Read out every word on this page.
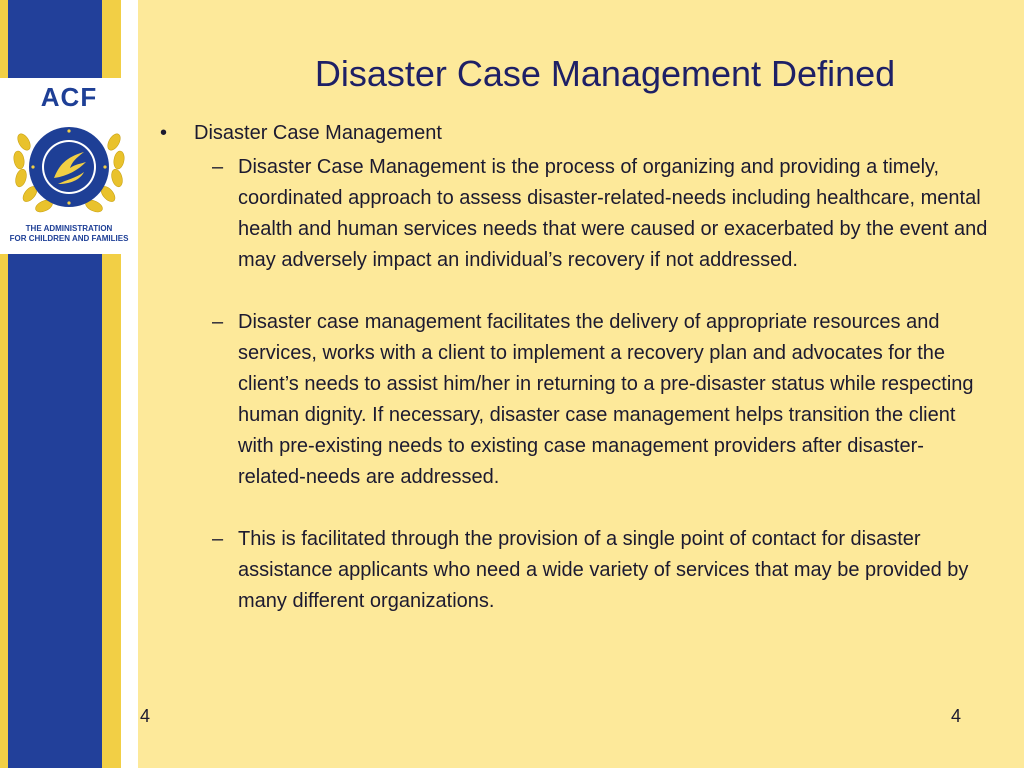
ACF
THE ADMINISTRATION
FOR CHILDREN AND FAMILIES
Disaster Case Management Defined
• Disaster Case Management
– Disaster Case Management is the process of organizing and providing a timely, coordinated approach to assess disaster-related-needs including healthcare, mental health and human services needs that were caused or exacerbated by the event and may adversely impact an individual’s recovery if not addressed.
– Disaster case management facilitates the delivery of appropriate resources and services, works with a client to implement a recovery plan and advocates for the client’s needs to assist him/her in returning to a pre-disaster status while respecting human dignity. If necessary, disaster case management helps transition the client with pre-existing needs to existing case management providers after disaster-related-needs are addressed.
– This is facilitated through the provision of a single point of contact for disaster assistance applicants who need a wide variety of services that may be provided by many different organizations.
4	4
